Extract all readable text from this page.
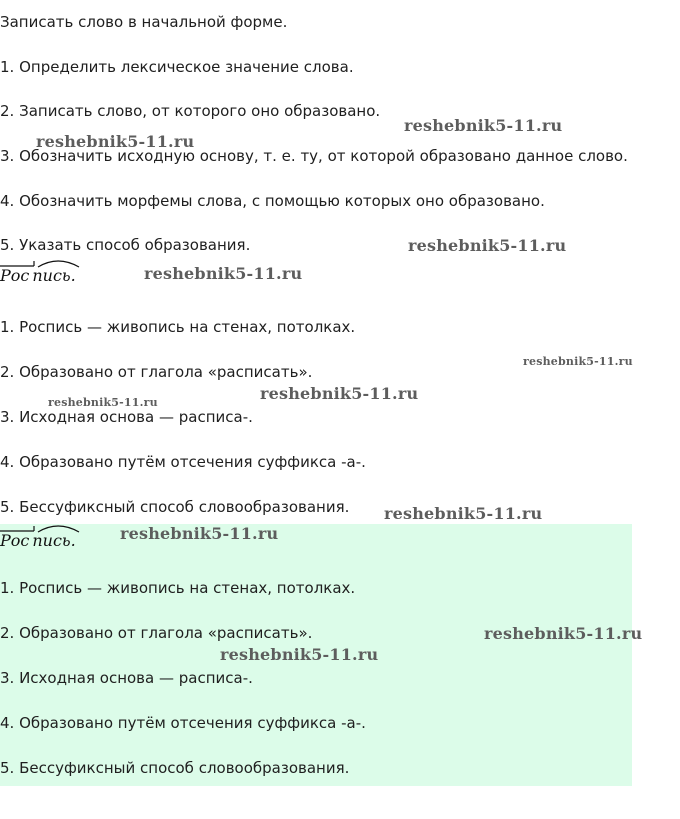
Записать слово в начальной форме.
1. Определить лексическое значение слова.
2. Записать слово, от которого оно образовано.
3. Обозначить исходную основу, т. е. ту, от которой образовано данное слово.
4. Обозначить морфемы слова, с помощью которых оно образовано.
5. Указать способ образования.
Рос пись.
1. Роспись — живопись на стенах, потолках.
2. Образовано от глагола «расписать».
3. Исходная основа — расписа-.
4. Образовано путём отсечения суффикса -а-.
5. Бессуфиксный способ словообразования.
Рос пись.
1. Роспись — живопись на стенах, потолках.
2. Образовано от глагола «расписать».
3. Исходная основа — расписа-.
4. Образовано путём отсечения суффикса -а-.
5. Бессуфиксный способ словообразования.
reshebnik5-11.ru
reshebnik5-11.ru
reshebnik5-11.ru
reshebnik5-11.ru
reshebnik5-11.ru
reshebnik5-11.ru
reshebnik5-11.ru
reshebnik5-11.ru
reshebnik5-11.ru
reshebnik5-11.ru
reshebnik5-11.ru
